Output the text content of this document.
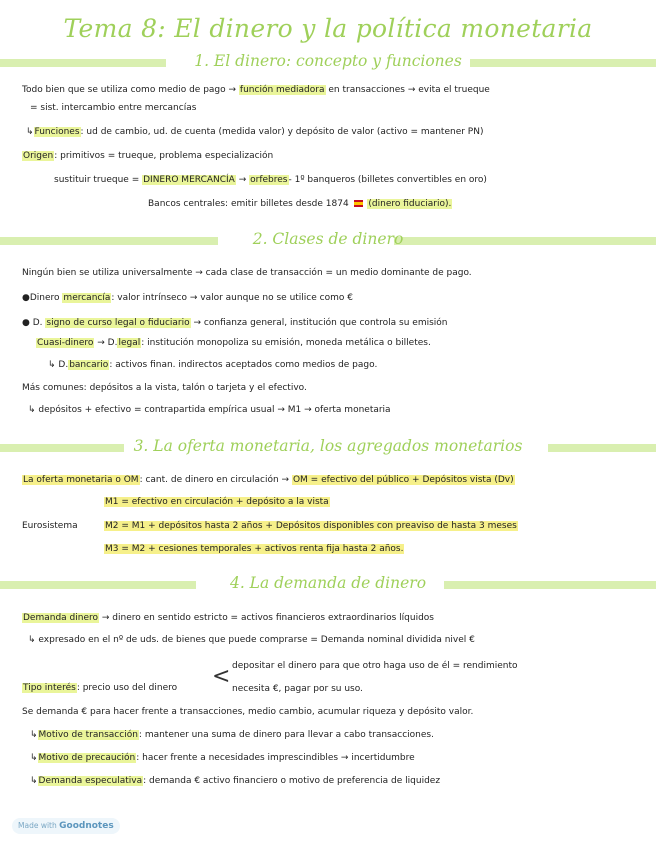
Tema 8: El dinero y la política monetaria
1. El dinero: concepto y funciones
Todo bien que se utiliza como medio de pago → función mediadora en transacciones → evita el trueque
= sist. intercambio entre mercancías
↳Funciones: ud de cambio, ud. de cuenta (medida valor) y depósito de valor (activo = mantener PN)
Origen: primitivos = trueque, problema especialización
sustituir trueque = DINERO MERCANCÍA → orfebres- 1º banqueros (billetes convertibles en oro)
Bancos centrales: emitir billetes desde 1874 (dinero fiduciario).
2. Clases de dinero
Ningún bien se utiliza universalmente → cada clase de transacción = un medio dominante de pago.
●Dinero mercancía: valor intrínseco → valor aunque no se utilice como €
● D. signo de curso legal o fiduciario → confianza general, institución que controla su emisión
Cuasi-dinero → D.legal: institución monopoliza su emisión, moneda metálica o billetes.
↳ D.bancario: activos finan. indirectos aceptados como medios de pago.
Más comunes: depósitos a la vista, talón o tarjeta y el efectivo.
↳ depósitos + efectivo = contrapartida empírica usual → M1 → oferta monetaria
3. La oferta monetaria, los agregados monetarios
La oferta monetaria o OM: cant. de dinero en circulación → OM = efectivo del público + Depósitos vista (Dv)
M1 = efectivo en circulación + depósito a la vista
Eurosistema	M2 = M1 + depósitos hasta 2 años + Depósitos disponibles con preaviso de hasta 3 meses
M3 = M2 + cesiones temporales + activos renta fija hasta 2 años.
4. La demanda de dinero
Demanda dinero → dinero en sentido estricto = activos financieros extraordinarios líquidos
↳ expresado en el nº de uds. de bienes que puede comprarse = Demanda nominal dividida nivel €
depositar el dinero para que otro haga uso de él = rendimiento
Tipo interés: precio uso del dinero < necesita €, pagar por su uso.
Se demanda € para hacer frente a transacciones, medio cambio, acumular riqueza y depósito valor.
↳Motivo de transacción: mantener una suma de dinero para llevar a cabo transacciones.
↳Motivo de precaución: hacer frente a necesidades imprescindibles → incertidumbre
↳Demanda especulativa: demanda € activo financiero o motivo de preferencia de liquidez
Made with Goodnotes
